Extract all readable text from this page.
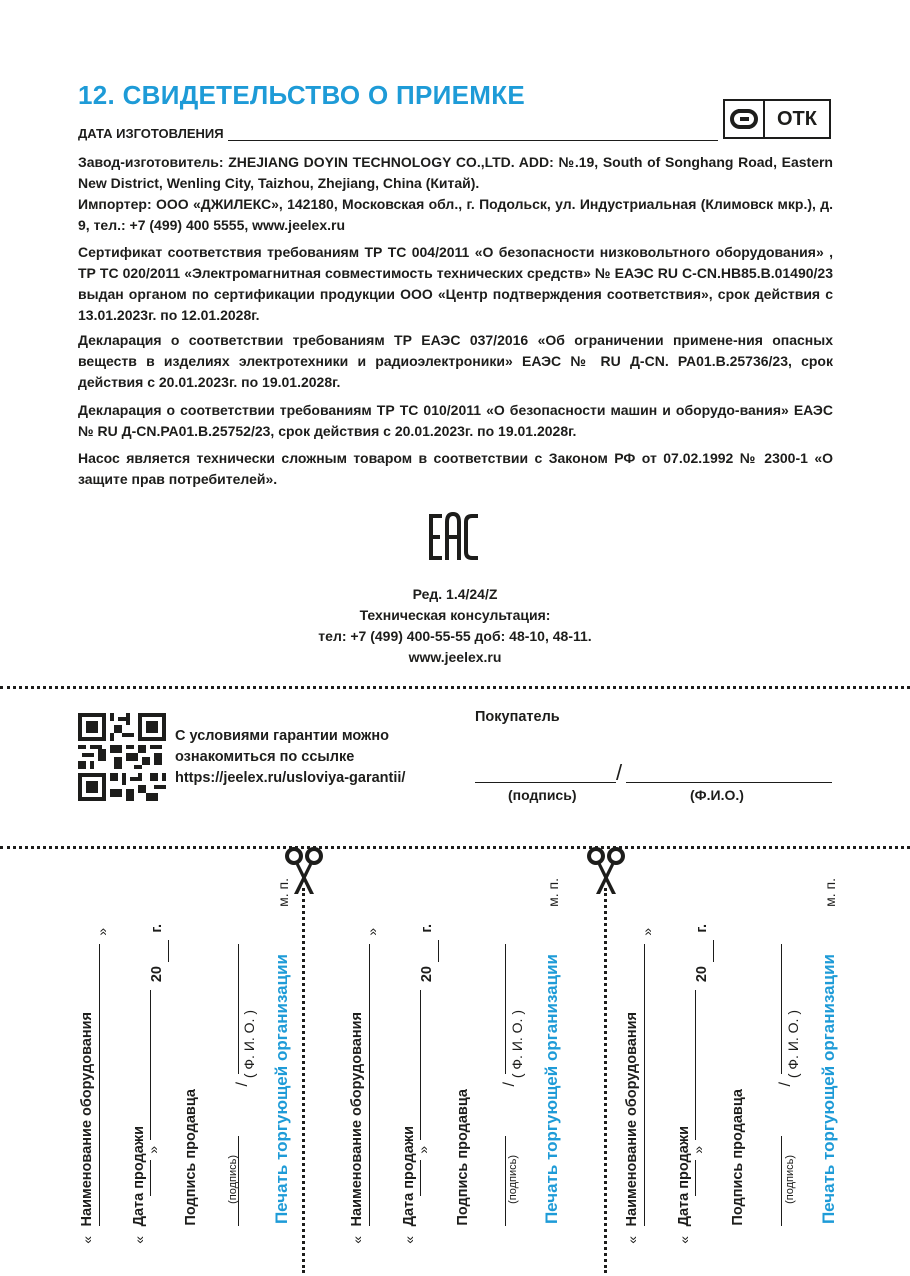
12. СВИДЕТЕЛЬСТВО О ПРИЕМКЕ
ДАТА ИЗГОТОВЛЕНИЯ
ОТК
Завод-изготовитель: ZHEJIANG DOYIN TECHNOLOGY CO.,LTD. ADD: №.19, South of Songhang Road, Eastern New District, Wenling City, Taizhou, Zhejiang, China (Китай).
Импортер: ООО «ДЖИЛЕКС», 142180, Московская обл., г. Подольск, ул. Индустриальная (Климовск мкр.), д. 9, тел.: +7 (499) 400 5555, www.jeelex.ru
Сертификат соответствия требованиям ТР ТС 004/2011 «О безопасности низковольтного оборудования» , ТР ТС 020/2011 «Электромагнитная совместимость технических средств» № ЕАЭС RU С-CN.НВ85.В.01490/23 выдан органом по сертификации продукции ООО «Центр подтверждения соответствия», срок действия с 13.01.2023г. по 12.01.2028г.
Декларация о соответствии требованиям ТР ЕАЭС 037/2016 «Об ограничении примене-ния опасных веществ в изделиях электротехники и радиоэлектроники» ЕАЭС № RU Д-CN. РА01.В.25736/23, срок действия с 20.01.2023г. по 19.01.2028г.
Декларация о соответствии требованиям ТР ТС 010/2011 «О безопасности машин и оборудо-вания» ЕАЭС № RU Д-CN.РА01.В.25752/23, срок действия с 20.01.2023г. по 19.01.2028г.
Насос является технически сложным товаром в соответствии с Законом РФ от 07.02.1992 № 2300-1 «О защите прав потребителей».
Ред. 1.4/24/Z
Техническая консультация:
тел: +7 (499) 400-55-55 доб: 48-10, 48-11.
www.jeelex.ru
С условиями гарантии можно
ознакомиться по ссылке
https://jeelex.ru/usloviya-garantii/
Покупатель
/
(подпись)	(Ф.И.О.)
Наименование оборудования
«
»
Дата продажи
«
»
20
г.
Подпись продавца	(подпись)
/
( Ф. И. О. ) Печать торгующей организации
м. п.
Наименование оборудования
«
»
Дата продажи
«
»
20
г.
Подпись продавца	(подпись)
/
( Ф. И. О. ) Печать торгующей организации
м. п.
Наименование оборудования
«
»
Дата продажи
«
»
20
г.
Подпись продавца	(подпись)
/
( Ф. И. О. ) Печать торгующей организации
м. п.
